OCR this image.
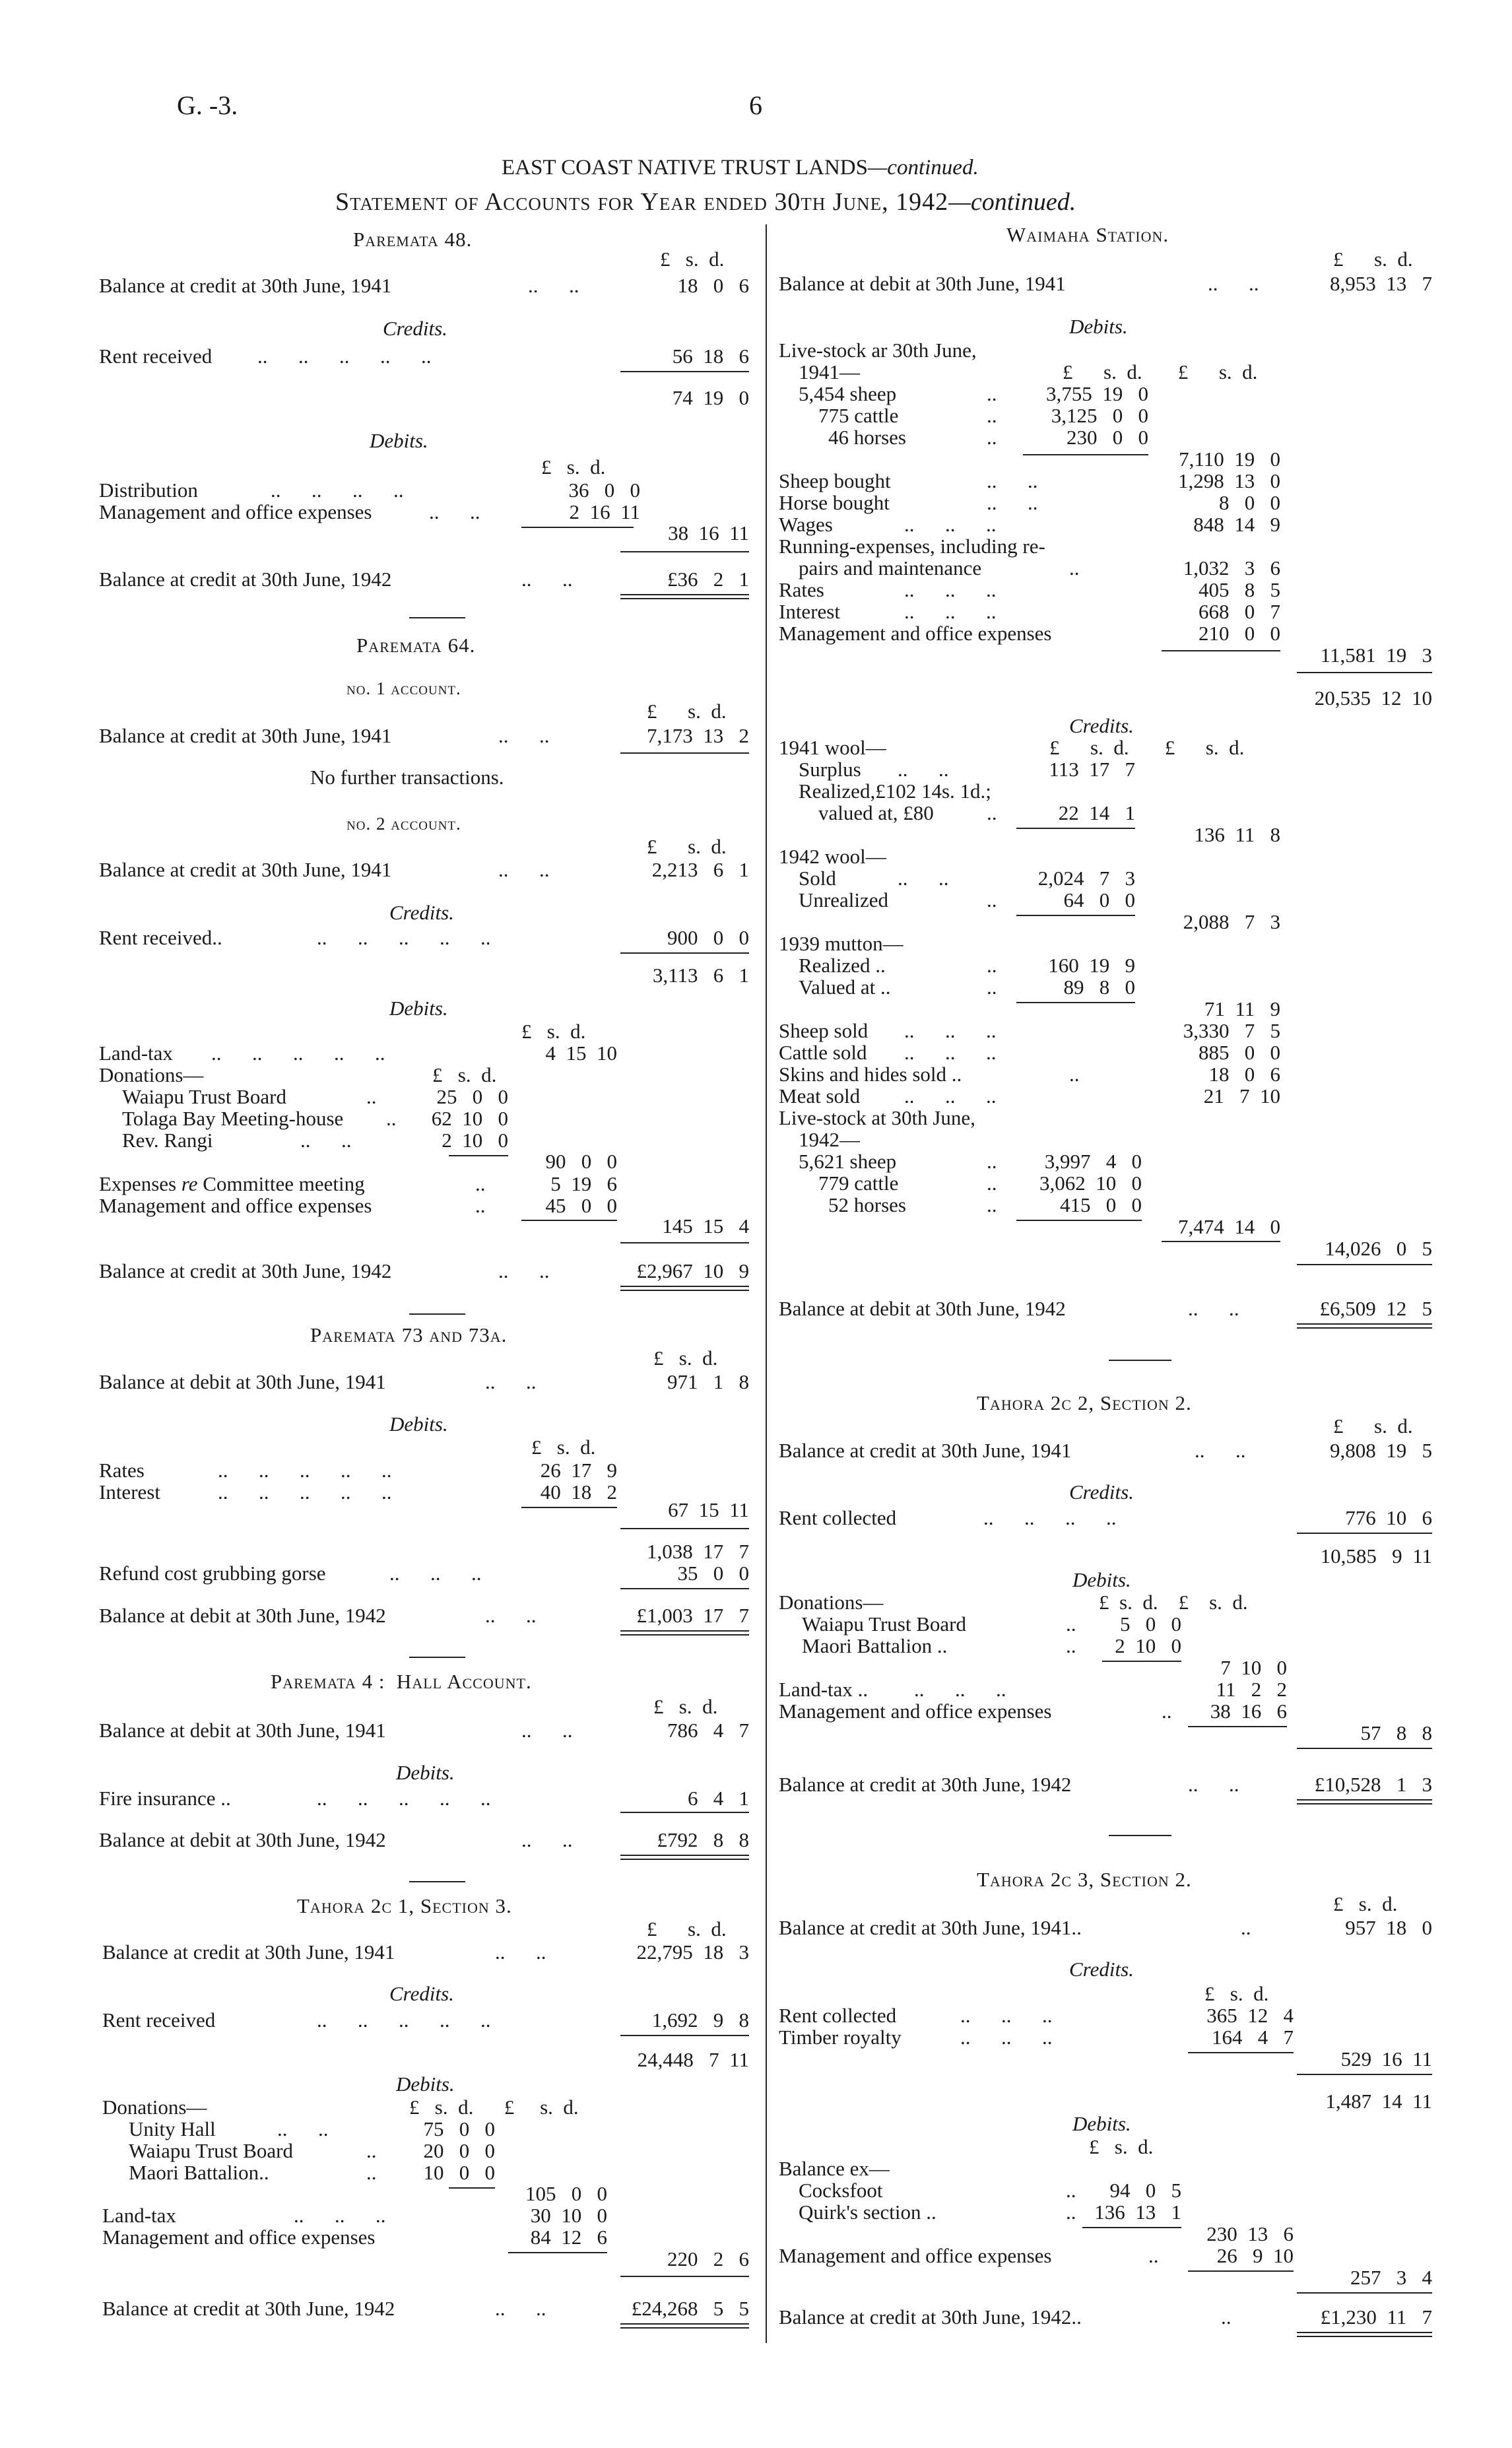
G. -3.	6
EAST COAST NATIVE TRUST LANDS—continued.
Statement of Accounts for Year ended 30th June, 1942—continued.
Paremata 48.
£   s.  d.
Balance at credit at 30th June, 1941	..      ..	18   0   6
Credits.
Rent received ..      ..      ..      ..      ..	56  18   6
74  19   0
Debits.
£   s.  d.
Distribution	..      ..      ..      ..	36   0   0
Management and office expenses	..      ..	2  16  11
38  16  11
Balance at credit at 30th June, 1942	..      ..	£36   2   1
Paremata 64.
no. 1 account.
£      s.  d.
Balance at credit at 30th June, 1941	..      ..	7,173  13   2
No further transactions.
no. 2 account.
£      s.  d.
Balance at credit at 30th June, 1941	..      ..	2,213   6   1
Credits.
Rent received..	..      ..      ..      ..      ..	900   0   0
3,113   6   1
Debits.
£   s.  d.
Land-tax ..      ..      ..      ..      ..	4  15  10
Donations—	£   s.  d.
Waiapu Trust Board	..	25   0   0
Tolaga Bay Meeting-house ..	62  10   0
Rev. Rangi	..      ..	2  10   0
90   0   0
Expenses re Committee meeting	..	5  19   6
Management and office expenses	..	45   0   0
145  15   4
Balance at credit at 30th June, 1942	..      ..	£2,967  10   9
Paremata 73 and 73a.
£   s.  d.
Balance at debit at 30th June, 1941	..      ..	971   1   8
Debits.
£   s.  d.
Rates	..      ..      ..      ..      ..	26  17   9
Interest	..      ..      ..      ..      ..	40  18   2
67  15  11
1,038  17   7
Refund cost grubbing gorse	..      ..      ..	35   0   0
Balance at debit at 30th June, 1942	..      ..	£1,003  17   7
Paremata 4 :  Hall Account.
£   s.  d.
Balance at debit at 30th June, 1941	..      ..	786   4   7
Debits.
Fire insurance ..	..      ..      ..      ..      ..	6   4   1
Balance at debit at 30th June, 1942	..      ..	£792   8   8
Tahora 2c 1, Section 3.
£      s.  d.
Balance at credit at 30th June, 1941	..      ..	22,795  18   3
Credits.
Rent received	..      ..      ..      ..      ..	1,692   9   8
24,448   7  11
Debits.
Donations—	£   s.  d.      £     s.  d.
Unity Hall	..      ..	75   0   0
Waiapu Trust Board	..	20   0   0
Maori Battalion..	..	10   0   0
105   0   0
Land-tax	..      ..      ..	30  10   0
Management and office expenses	84  12   6
220   2   6
Balance at credit at 30th June, 1942	..      ..	£24,268   5   5
Waimaha Station.
£      s.  d.
Balance at debit at 30th June, 1941	..      ..	8,953  13   7
Debits.
Live-stock ar 30th June,
1941—	£      s.  d.       £      s.  d.
5,454 sheep	..	3,755  19   0
775 cattle	..	3,125   0   0
46 horses	..	230   0   0
7,110  19   0
Sheep bought	..      ..	1,298  13   0
Horse bought	..      ..	8   0   0
Wages	..      ..      ..	848  14   9
Running-expenses, including re-
pairs and maintenance	..	1,032   3   6
Rates	..      ..      ..	405   8   5
Interest	..      ..      ..	668   0   7
Management and office expenses	210   0   0
11,581  19   3
20,535  12  10
Credits.
£      s.  d.       £      s.  d.
1941 wool—
Surplus ..      ..	113  17   7
Realized,£102 14s. 1d.;
valued at, £80	..	22  14   1
136  11   8
1942 wool—
Sold	..      ..	2,024   7   3
Unrealized	..	64   0   0
2,088   7   3
1939 mutton—
Realized ..	..	160  19   9
Valued at ..	..	89   8   0
71  11   9
Sheep sold ..      ..      ..	3,330   7   5
Cattle sold ..      ..      ..	885   0   0
Skins and hides sold ..	..	18   0   6
Meat sold ..      ..      ..	21   7  10
Live-stock at 30th June,
1942—
5,621 sheep	..	3,997   4   0
779 cattle	..	3,062  10   0
52 horses	..	415   0   0
7,474  14   0
14,026   0   5
Balance at debit at 30th June, 1942	..      ..	£6,509  12   5
Tahora 2c 2, Section 2.
£      s.  d.
Balance at credit at 30th June, 1941	..      ..	9,808  19   5
Credits.
Rent collected	..      ..      ..      ..	776  10   6
10,585   9  11
Debits.
Donations—	£  s.  d.    £    s.  d.
Waiapu Trust Board	..	5   0   0
Maori Battalion ..	..	2  10   0
7  10   0
Land-tax .. ..      ..      ..	11   2   2
Management and office expenses	..	38  16   6
57   8   8
Balance at credit at 30th June, 1942	..      ..	£10,528   1   3
Tahora 2c 3, Section 2.
£   s.  d.
Balance at credit at 30th June, 1941..	..	957  18   0
Credits.
£   s.  d.
Rent collected	..      ..      ..	365  12   4
Timber royalty	..      ..      ..	164   4   7
529  16  11
1,487  14  11
Debits.
£   s.  d.
Balance ex—
Cocksfoot	..	94   0   5
Quirk's section ..	.. 136  13   1
230  13   6
Management and office expenses	..	26   9  10
257   3   4
Balance at credit at 30th June, 1942..	..	£1,230  11   7
